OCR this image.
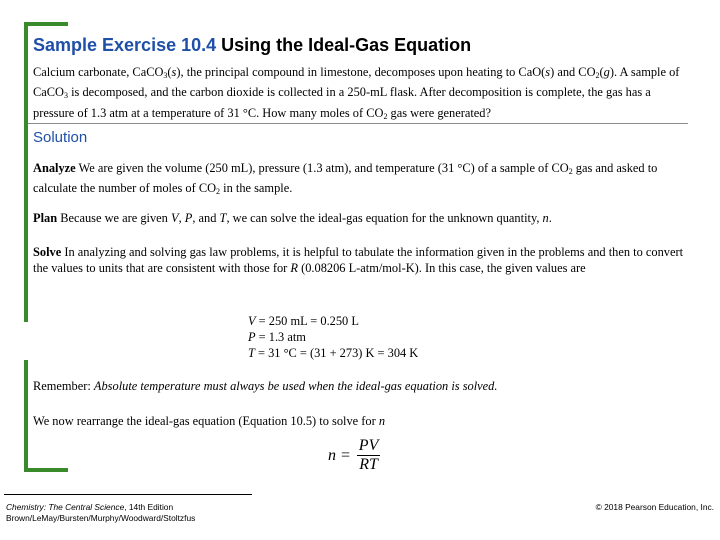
Sample Exercise 10.4 Using the Ideal-Gas Equation
Calcium carbonate, CaCO$_3$(s), the principal compound in limestone, decomposes upon heating to CaO(s) and $CO_2(g)$. A sample of CaCO$_3$ is decomposed, and the carbon dioxide is collected in a 250-mL flask. After decomposition is complete, the gas has a pressure of 1.3 atm at a temperature of 31 °C. How many moles of $CO_2$ gas were generated?
Solution
Analyze We are given the volume (250 mL), pressure (1.3 atm), and temperature (31 °C) of a sample of $CO_2$ gas and asked to calculate the number of moles of $CO_2$ in the sample.
Plan Because we are given V, P, and T, we can solve the ideal-gas equation for the unknown quantity, n.
Solve In analyzing and solving gas law problems, it is helpful to tabulate the information given in the problems and then to convert the values to units that are consistent with those for R (0.08206 L-atm/mol-K). In this case, the given values are
V = 250 mL = 0.250 L
P = 1.3 atm
T = 31 °C = (31 + 273) K = 304 K
Remember: Absolute temperature must always be used when the ideal-gas equation is solved.
We now rearrange the ideal-gas equation (Equation 10.5) to solve for n
$n = \frac{PV}{RT}$
Chemistry: The Central Science, 14th Edition
Brown/LeMay/Bursten/Murphy/Woodward/Stoltzfus
© 2018 Pearson Education, Inc.
